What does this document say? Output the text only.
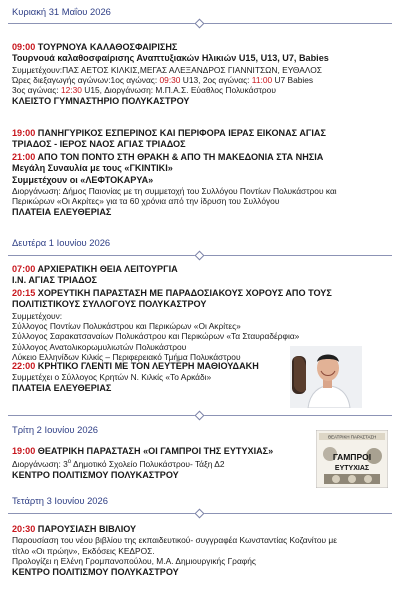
Κυριακή 31 Μαΐου 2026
09:00 ΤΟΥΡΝΟΥΑ ΚΑΛΑΘΟΣΦΑΙΡΙΣΗΣ
Τουρνουά καλαθοσφαίρισης Αναπτυξιακών Ηλικιών U15, U13, U7, Babies
Συμμετέχουν:ΠΑΣ ΑΕΤΟΣ ΚΙΛΚΙΣ,ΜΕΓΑΣ ΑΛΕΞΑΝΔΡΟΣ ΓΙΑΝΝΙΤΣΩΝ, ΕΥΘΑΛΟΣ
Ώρες διεξαγωγής αγώνων:1ος αγώνας: 09:30 U13, 2ος αγώνας: 11:00 U7 Babies
3ος αγώνας: 12:30 U15, Διοργάνωση: Μ.Π.Α.Σ. Εύαθλος Πολυκάστρου
ΚΛΕΙΣΤΟ ΓΥΜΝΑΣΤΗΡΙΟ ΠΟΛΥΚΑΣΤΡΟΥ
19:00 ΠΑΝΗΓΥΡΙΚΟΣ ΕΣΠΕΡΙΝΟΣ ΚΑΙ ΠΕΡΙΦΟΡΑ ΙΕΡΑΣ ΕΙΚΟΝΑΣ ΑΓΙΑΣ
ΤΡΙΑΔΟΣ - ΙΕΡΟΣ ΝΑΟΣ ΑΓΙΑΣ ΤΡΙΑΔΟΣ
21:00 ΑΠΟ ΤΟΝ ΠΟΝΤΟ ΣΤΗ ΘΡΑΚΗ & ΑΠΟ ΤΗ ΜΑΚΕΔΟΝΙΑ ΣΤΑ ΝΗΣΙΑ
Μεγάλη Συναυλία με τους «ΓΚΙΝΤΙΚΙ»
Συμμετέχουν οι «ΛΕΦΤΟΚΑΡΥΑ»
Διοργάνωση: Δήμος Παιονίας με τη συμμετοχή του Συλλόγου Ποντίων Πολυκάστρου και
Περικώρων «Οι Ακρίτες» για τα 60 χρόνια από την ίδρυση του Συλλόγου
ΠΛΑΤΕΙΑ ΕΛΕΥΘΕΡΙΑΣ
Δευτέρα 1 Ιουνίου 2026
07:00 ΑΡΧΙΕΡΑΤΙΚΗ ΘΕΙΑ ΛΕΙΤΟΥΡΓΙΑ
Ι.Ν. ΑΓΙΑΣ ΤΡΙΑΔΟΣ
20:15 ΧΟΡΕΥΤΙΚΗ ΠΑΡΑΣΤΑΣΗ ΜΕ ΠΑΡΑΔΟΣΙΑΚΟΥΣ ΧΟΡΟΥΣ ΑΠΟ ΤΟΥΣ
ΠΟΛΙΤΙΣΤΙΚΟΥΣ ΣΥΛΛΟΓΟΥΣ ΠΟΛΥΚΑΣΤΡΟΥ
Συμμετέχουν:
Σύλλογος Ποντίων Πολυκάστρου και Περικώρων «Οι Ακρίτες»
Σύλλογος Σαρακατσαναίων Πολυκάστρου και Περικώρων «Τα Σταυραδέρφια»
Σύλλογος Ανατολικορωμυλιωτών Πολυκάστρου
Λύκειο Ελληνίδων Κιλκίς – Περιφερειακό Τμήμα Πολυκάστρου
22:00 ΚΡΗΤΙΚΟ ΓΛΕΝΤΙ ΜΕ ΤΟΝ ΛΕΥΤΕΡΗ ΜΑΘΙΟΥΔΑΚΗ
Συμμετέχει ο Σύλλογος Κρητών Ν. Κιλκίς «Το Αρκάδι»
ΠΛΑΤΕΙΑ ΕΛΕΥΘΕΡΙΑΣ
Τρίτη 2 Ιουνίου 2026
19:00 ΘΕΑΤΡΙΚΗ ΠΑΡΑΣΤΑΣΗ «ΟΙ ΓΑΜΠΡΟΙ ΤΗΣ ΕΥΤΥΧΙΑΣ»
Διοργάνωση: $3^o$ Δημοτικό Σχολείο Πολυκάστρου- Τάξη Δ2
ΚΕΝΤΡΟ ΠΟΛΙΤΙΣΜΟΥ ΠΟΛΥΚΑΣΤΡΟΥ
ΘΕΑΤΡΙΚΗ ΠΑΡΑΣΤΑΣΗ
ΓΑΜΠΡΟΙ
ΕΥΤΥΧΙΑΣ
Τετάρτη 3 Ιουνίου 2026
20:30 ΠΑΡΟΥΣΙΑΣΗ ΒΙΒΛΙΟΥ
Παρουσίαση του νέου βιβλίου της εκπαιδευτικού- συγγραφέα Κωνσταντίας Κοζανίτου με
τίτλο «Οι πρώην», Εκδόσεις ΚΕΔΡΟΣ.
Προλογίζει η Ελένη Γρομπανοπούλου, Μ.Α. Δημιουργικής Γραφής
ΚΕΝΤΡΟ ΠΟΛΙΤΙΣΜΟΥ ΠΟΛΥΚΑΣΤΡΟΥ
